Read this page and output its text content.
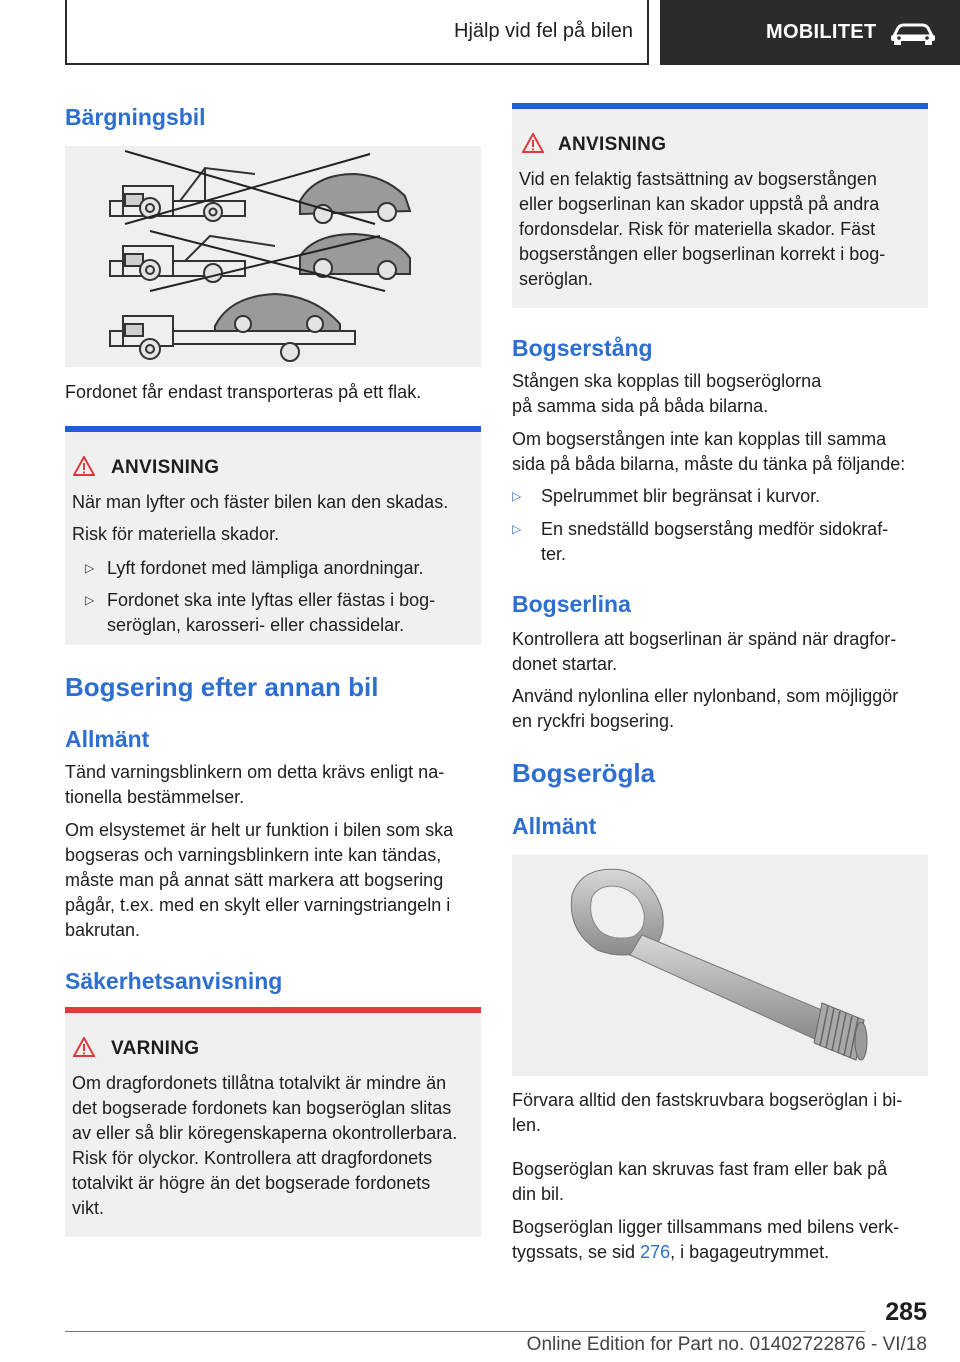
Hjälp vid fel på bilen	MOBILITET
Bärgningsbil
Fordonet får endast transporteras på ett flak.
ANVISNING
När man lyfter och fäster bilen kan den skadas.
Risk för materiella skador.
▷ Lyft fordonet med lämpliga anordningar.
▷ Fordonet ska inte lyftas eller fästas i bog‐
seröglan, karosseri- eller chassidelar.
Bogsering efter annan bil
Allmänt
Tänd varningsblinkern om detta krävs enligt na‐
tionella bestämmelser.
Om elsystemet är helt ur funktion i bilen som ska
bogseras och varningsblinkern inte kan tändas,
måste man på annat sätt markera att bogsering
pågår, t.ex. med en skylt eller varningstriangeln i
bakrutan.
Säkerhetsanvisning
VARNING
Om dragfordonets tillåtna totalvikt är mindre än
det bogserade fordonets kan bogseröglan slitas
av eller så blir köregenskaperna okontrollerbara.
Risk för olyckor. Kontrollera att dragfordonets
totalvikt är högre än det bogserade fordonets
vikt.
ANVISNING
Vid en felaktig fastsättning av bogserstången
eller bogserlinan kan skador uppstå på andra
fordonsdelar. Risk för materiella skador. Fäst
bogserstången eller bogserlinan korrekt i bog‐
seröglan.
Bogserstång
Stången ska kopplas till bogseröglorna
på samma sida på båda bilarna.
Om bogserstången inte kan kopplas till samma
sida på båda bilarna, måste du tänka på följande:
▷	Spelrummet blir begränsat i kurvor.
▷	En snedställd bogserstång medför sidokraf‐
ter.
Bogserlina
Kontrollera att bogserlinan är spänd när dragfor‐
donet startar.
Använd nylonlina eller nylonband, som möjliggör
en ryckfri bogsering.
Bogserögla
Allmänt
Förvara alltid den fastskruvbara bogseröglan i bi‐
len.
Bogseröglan kan skruvas fast fram eller bak på
din bil.
Bogseröglan ligger tillsammans med bilens verk‐
tygssats, se sid 276, i bagageutrymmet.
285
Online Edition for Part no. 01402722876 - VI/18
